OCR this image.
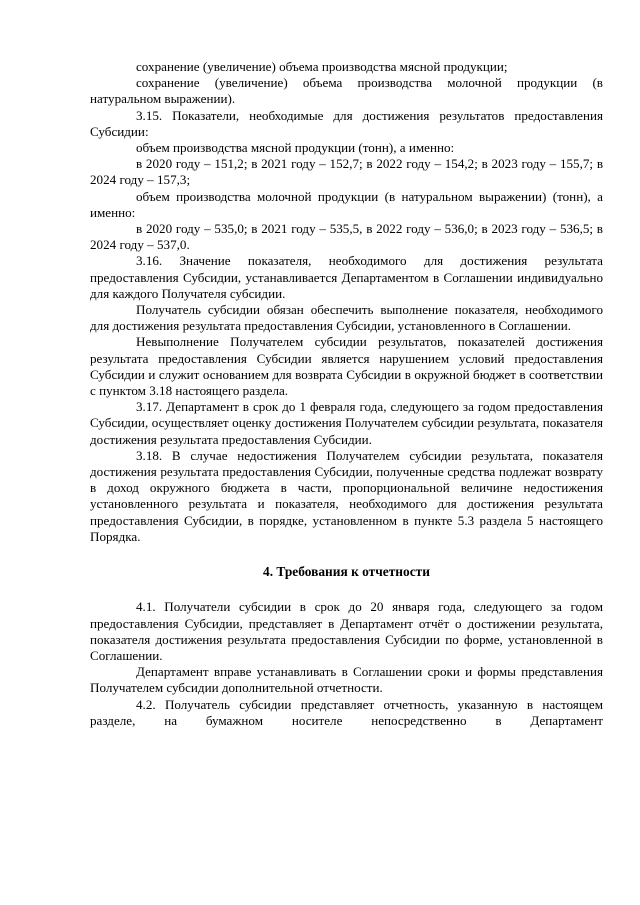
сохранение (увеличение) объема производства мясной продукции;

сохранение (увеличение) объема производства молочной продукции (в натуральном выражении).

3.15. Показатели, необходимые для достижения результатов предоставления Субсидии:

объем производства мясной продукции (тонн), а именно:

в 2020 году – 151,2; в 2021 году – 152,7; в 2022 году – 154,2; в 2023 году – 155,7; в 2024 году – 157,3;

объем производства молочной продукции (в натуральном выражении) (тонн), а именно:

в 2020 году – 535,0; в 2021 году – 535,5, в 2022 году – 536,0; в 2023 году – 536,5; в 2024 году – 537,0.

3.16. Значение показателя, необходимого для достижения результата предоставления Субсидии, устанавливается Департаментом в Соглашении индивидуально для каждого Получателя субсидии.

Получатель субсидии обязан обеспечить выполнение показателя, необходимого для достижения результата предоставления Субсидии, установленного в Соглашении.

Невыполнение Получателем субсидии результатов, показателей достижения результата предоставления Субсидии является нарушением условий предоставления Субсидии и служит основанием для возврата Субсидии в окружной бюджет в соответствии с пунктом 3.18 настоящего раздела.

3.17. Департамент в срок до 1 февраля года, следующего за годом предоставления Субсидии, осуществляет оценку достижения Получателем субсидии результата, показателя достижения результата предоставления Субсидии.

3.18. В случае недостижения Получателем субсидии результата, показателя достижения результата предоставления Субсидии, полученные средства подлежат возврату в доход окружного бюджета в части, пропорциональной величине недостижения установленного результата и показателя, необходимого для достижения результата предоставления Субсидии, в порядке, установленном в пункте 5.3 раздела 5 настоящего Порядка.

4. Требования к отчетности

4.1. Получатели субсидии в срок до 20 января года, следующего за годом предоставления Субсидии, представляет в Департамент отчёт о достижении результата, показателя достижения результата предоставления Субсидии по форме, установленной в Соглашении.

Департамент вправе устанавливать в Соглашении сроки и формы представления Получателем субсидии дополнительной отчетности.

4.2. Получатель субсидии представляет отчетность, указанную в настоящем разделе, на бумажном носителе непосредственно в Департамент
